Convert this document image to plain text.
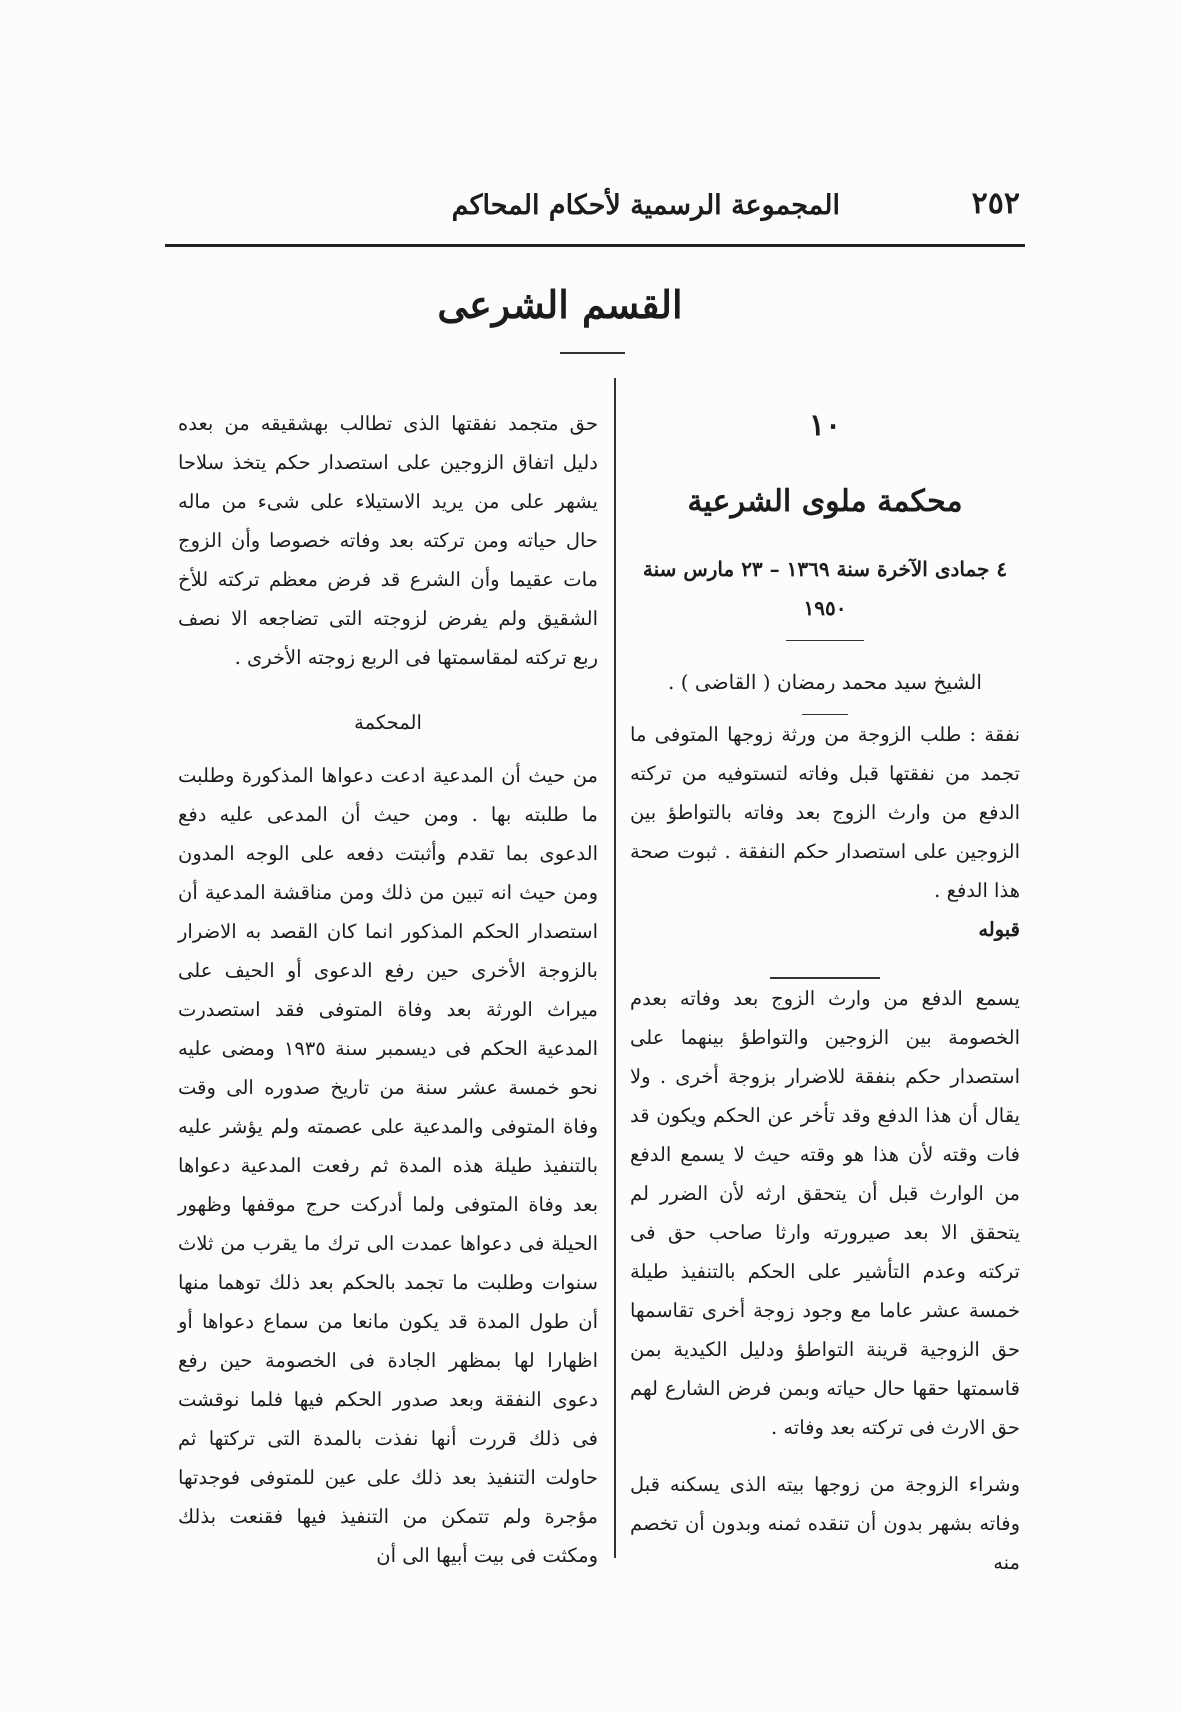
٢٥٢
المجموعة الرسمية لأحكام المحاكم
القسم الشرعى
١٠
محكمة ملوى الشرعية
٤ جمادى الآخرة سنة ١٣٦٩ – ٢٣ مارس سنة ١٩٥٠
الشيخ سيد محمد رمضان ( القاضى ) .

نفقة : طلب الزوجة من ورثة زوجها المتوفى ما تجمد من نفقتها قبل وفاته لتستوفيه من تركته الدفع من وارث الزوج بعد وفاته بالتواطؤ بين الزوجين على استصدار حكم النفقة . ثبوت صحة هذا الدفع .
قبوله

يسمع الدفع من وارث الزوج بعد وفاته بعدم الخصومة بين الزوجين والتواطؤ بينهما على استصدار حكم بنفقة للاضرار بزوجة أخرى . ولا يقال أن هذا الدفع وقد تأخر عن الحكم ويكون قد فات وقته لأن هذا هو وقته حيث لا يسمع الدفع من الوارث قبل أن يتحقق ارثه لأن الضرر لم يتحقق الا بعد صيرورته وارثا صاحب حق فى تركته وعدم التأشير على الحكم بالتنفيذ طيلة خمسة عشر عاما مع وجود زوجة أخرى تقاسمها حق الزوجية قرينة التواطؤ ودليل الكيدية بمن قاسمتها حقها حال حياته وبمن فرض الشارع لهم حق الارث فى تركته بعد وفاته .

وشراء الزوجة من زوجها بيته الذى يسكنه قبل وفاته بشهر بدون أن تنقده ثمنه وبدون أن تخصم منه

حق متجمد نفقتها الذى تطالب بهشقيقه من بعده دليل اتفاق الزوجين على استصدار حكم يتخذ سلاحا يشهر على من يريد الاستيلاء على شىء من ماله حال حياته ومن تركته بعد وفاته خصوصا وأن الزوج مات عقيما وأن الشرع قد فرض معظم تركته للأخ الشقيق ولم يفرض لزوجته التى تضاجعه الا نصف ربع تركته لمقاسمتها فى الربع زوجته الأخرى .

المحكمة

من حيث أن المدعية ادعت دعواها المذكورة وطلبت ما طلبته بها . ومن حيث أن المدعى عليه دفع الدعوى بما تقدم وأثبتت دفعه على الوجه المدون ومن حيث انه تبين من ذلك ومن مناقشة المدعية أن استصدار الحكم المذكور انما كان القصد به الاضرار بالزوجة الأخرى حين رفع الدعوى أو الحيف على ميراث الورثة بعد وفاة المتوفى فقد استصدرت المدعية الحكم فى ديسمبر سنة ١٩٣٥ ومضى عليه نحو خمسة عشر سنة من تاريخ صدوره الى وقت وفاة المتوفى والمدعية على عصمته ولم يؤشر عليه بالتنفيذ طيلة هذه المدة ثم رفعت المدعية دعواها بعد وفاة المتوفى ولما أدركت حرج موقفها وظهور الحيلة فى دعواها عمدت الى ترك ما يقرب من ثلاث سنوات وطلبت ما تجمد بالحكم بعد ذلك توهما منها أن طول المدة قد يكون مانعا من سماع دعواها أو اظهارا لها بمظهر الجادة فى الخصومة حين رفع دعوى النفقة وبعد صدور الحكم فيها فلما نوقشت فى ذلك قررت أنها نفذت بالمدة التى تركتها ثم حاولت التنفيذ بعد ذلك على عين للمتوفى فوجدتها مؤجرة ولم تتمكن من التنفيذ فيها فقنعت بذلك ومكثت فى بيت أبيها الى أن
